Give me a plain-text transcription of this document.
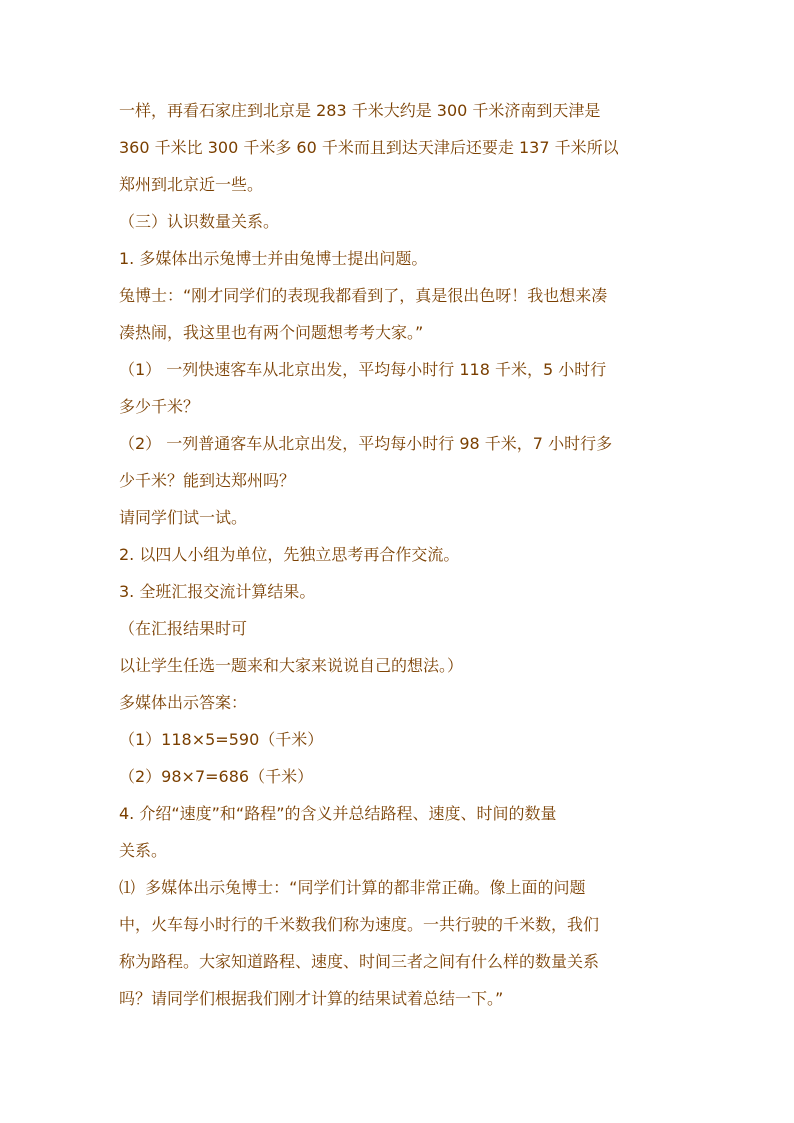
一样，再看石家庄到北京是 283 千米大约是 300 千米济南到天津是
360 千米比 300 千米多 60 千米而且到达天津后还要走 137 千米所以
郑州到北京近一些。
（三）认识数量关系。
1. 多媒体出示兔博士并由兔博士提出问题。
兔博士：“刚才同学们的表现我都看到了，真是很出色呀！我也想来凑
凑热闹，我这里也有两个问题想考考大家。”
（1） 一列快速客车从北京出发，平均每小时行 118 千米，5 小时行
多少千米？
（2） 一列普通客车从北京出发，平均每小时行 98 千米，7 小时行多
少千米？能到达郑州吗？
请同学们试一试。
2. 以四人小组为单位，先独立思考再合作交流。
3. 全班汇报交流计算结果。
（在汇报结果时可
以让学生任选一题来和大家来说说自己的想法。）
多媒体出示答案：
（1）118×5=590（千米）
（2）98×7=686（千米）
4. 介绍“速度”和“路程”的含义并总结路程、速度、时间的数量
关系。
⑴  多媒体出示兔博士：“同学们计算的都非常正确。像上面的问题
中，火车每小时行的千米数我们称为速度。一共行驶的千米数，我们
称为路程。大家知道路程、速度、时间三者之间有什么样的数量关系
吗？请同学们根据我们刚才计算的结果试着总结一下。”
